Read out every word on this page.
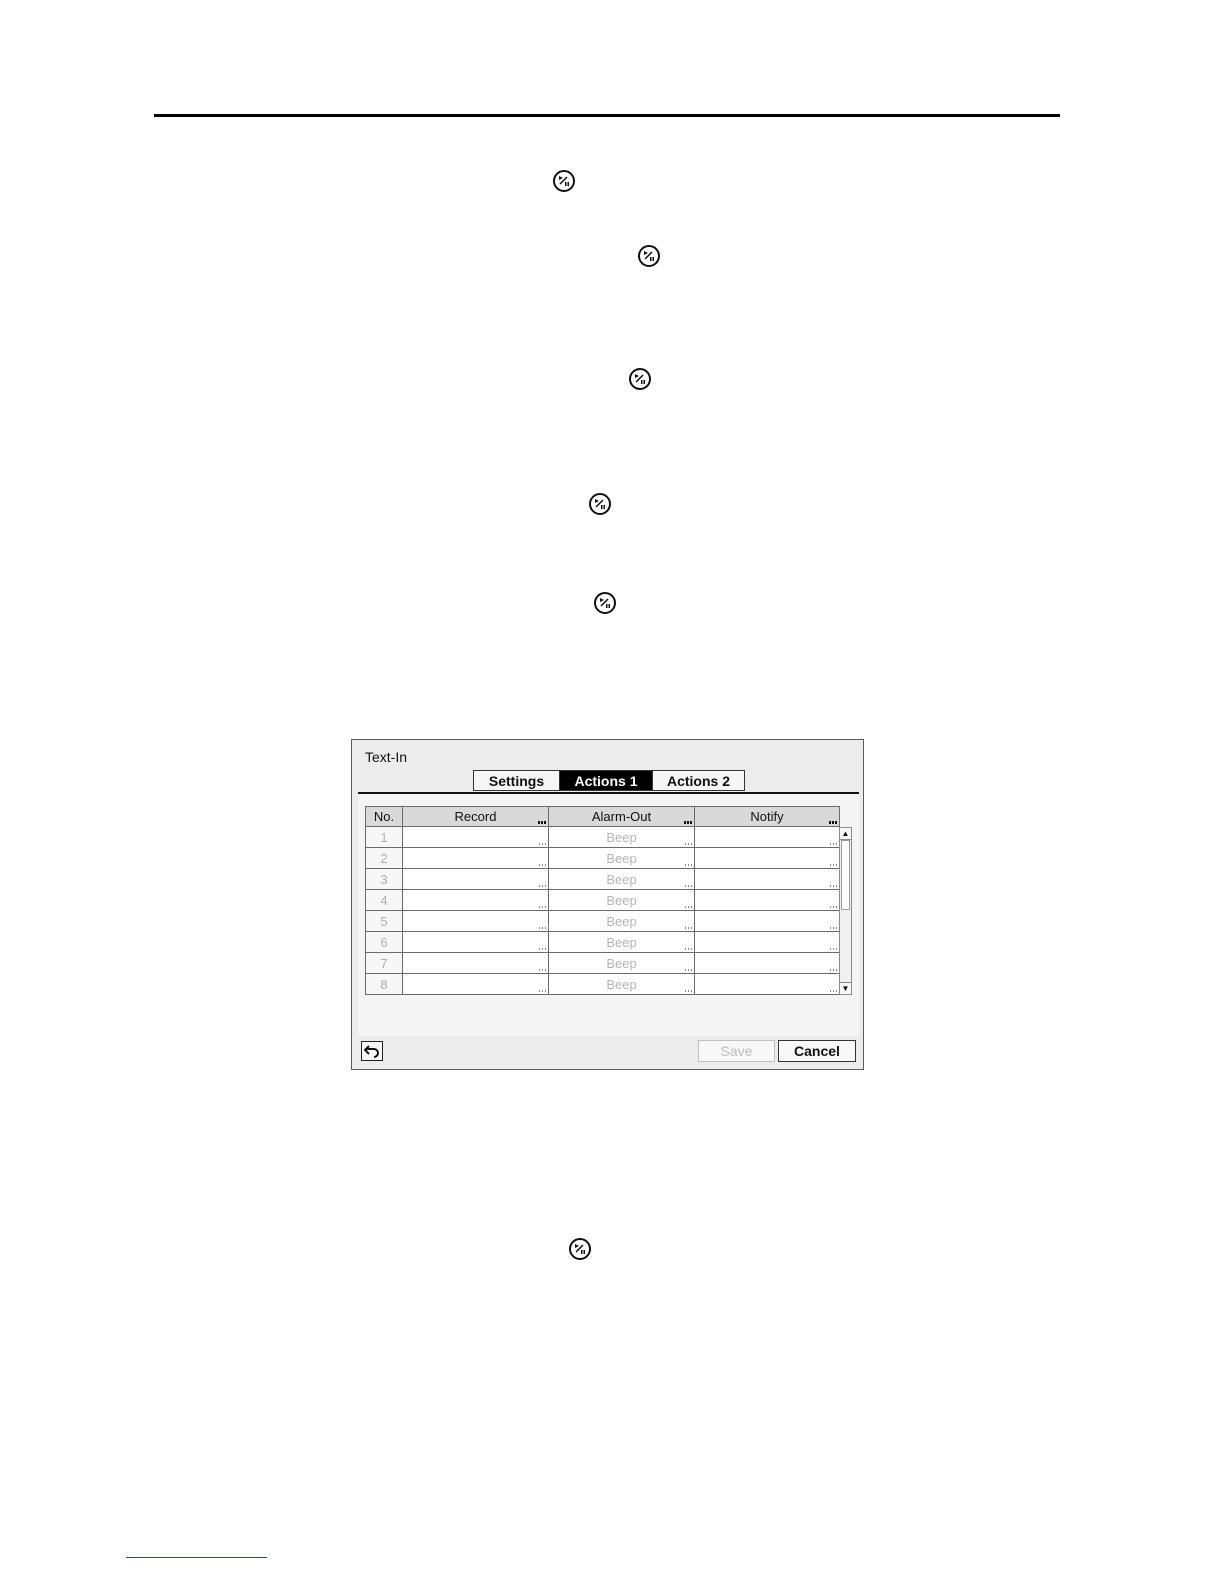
Text-In
Settings	Actions 1	Actions 2
No.	Record	Alarm-Out	Notify

1		Beep

2		Beep

3		Beep

4		Beep

5		Beep

6		Beep

7		Beep

8		Beep

▲
▼
Save	Cancel
